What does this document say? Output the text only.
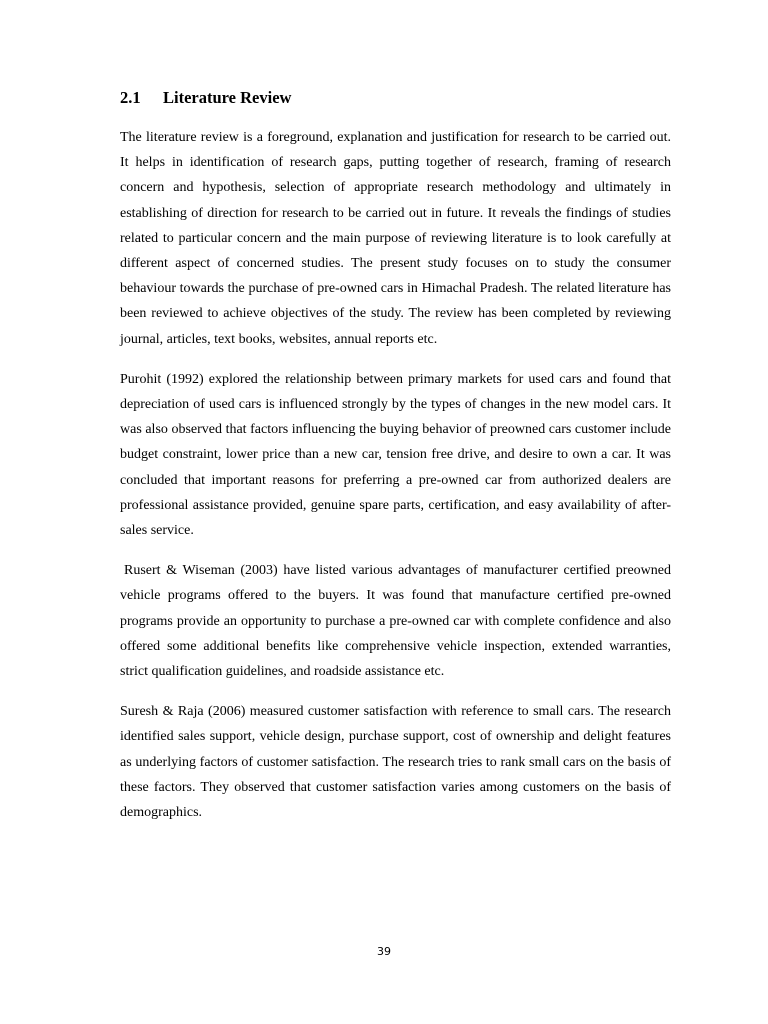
2.1 Literature Review

The literature review is a foreground, explanation and justification for research to be carried out. It helps in identification of research gaps, putting together of research, framing of research concern and hypothesis, selection of appropriate research methodology and ultimately in establishing of direction for research to be carried out in future. It reveals the findings of studies related to particular concern and the main purpose of reviewing literature is to look carefully at different aspect of concerned studies. The present study focuses on to study the consumer behaviour towards the purchase of pre-owned cars in Himachal Pradesh. The related literature has been reviewed to achieve objectives of the study. The review has been completed by reviewing journal, articles, text books, websites, annual reports etc.

Purohit (1992) explored the relationship between primary markets for used cars and found that depreciation of used cars is influenced strongly by the types of changes in the new model cars. It was also observed that factors influencing the buying behavior of preowned cars customer include budget constraint, lower price than a new car, tension free drive, and desire to own a car. It was concluded that important reasons for preferring a pre-owned car from authorized dealers are professional assistance provided, genuine spare parts, certification, and easy availability of after-sales service.

Rusert & Wiseman (2003) have listed various advantages of manufacturer certified preowned vehicle programs offered to the buyers. It was found that manufacture certified pre-owned programs provide an opportunity to purchase a pre-owned car with complete confidence and also offered some additional benefits like comprehensive vehicle inspection, extended warranties, strict qualification guidelines, and roadside assistance etc.

Suresh & Raja (2006) measured customer satisfaction with reference to small cars. The research identified sales support, vehicle design, purchase support, cost of ownership and delight features as underlying factors of customer satisfaction. The research tries to rank small cars on the basis of these factors. They observed that customer satisfaction varies among customers on the basis of demographics.

39
